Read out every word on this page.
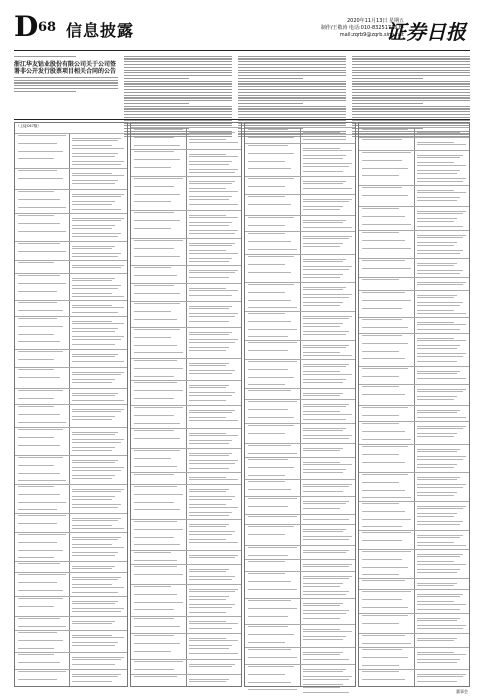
D 68 信息披露	2020年11月13日 星期五
制作/王敬涛 电话:010-83251716 E-mail:zqrb9@zqrb.sina.net
证券日报
浙江华友钴业股份有限公司关于公司签署非公开发行股票项目相关合同的公告
（上接C67版）
董事会
